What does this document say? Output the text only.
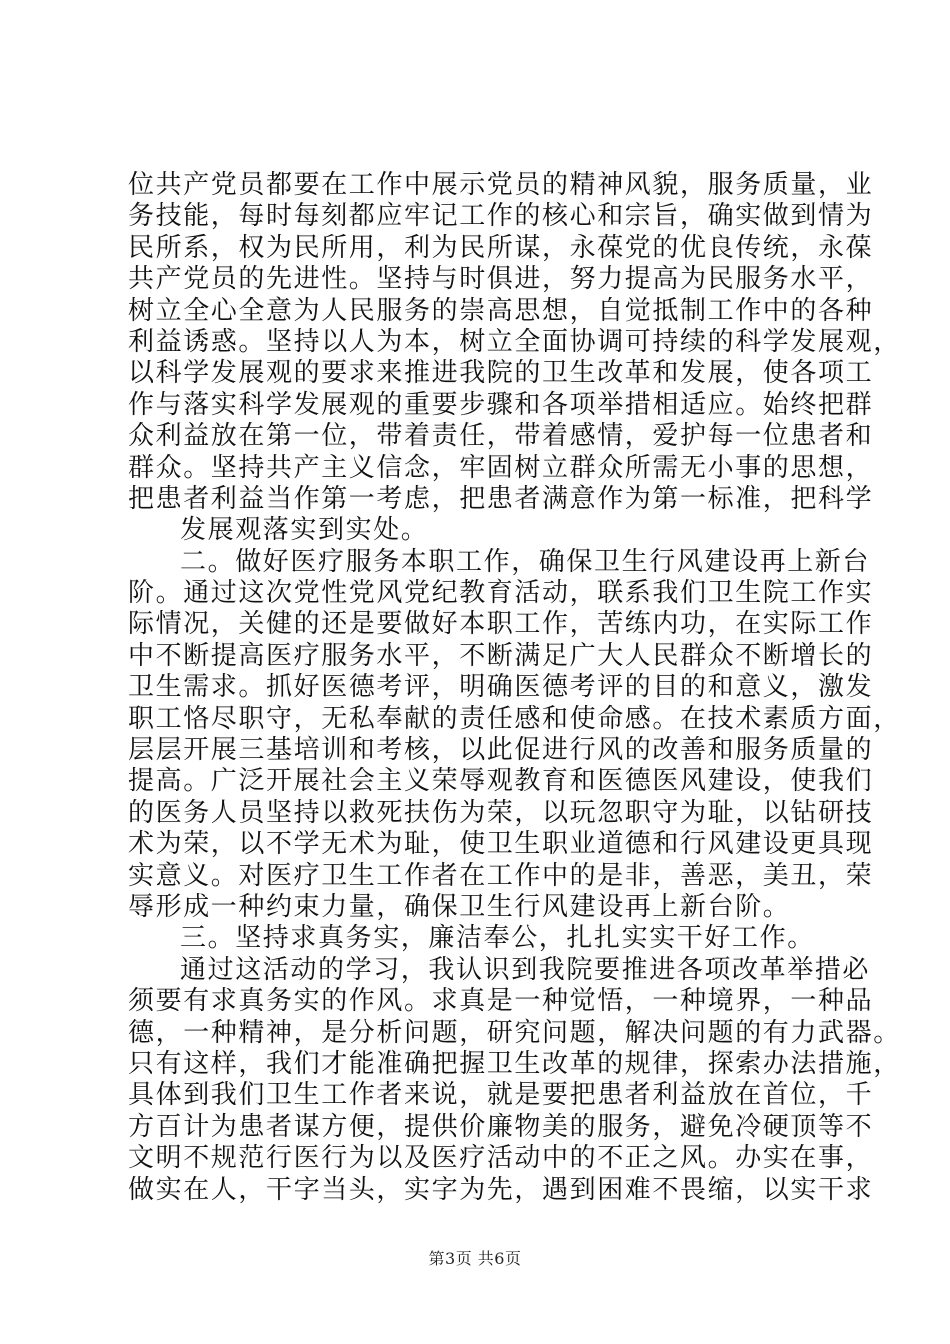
位共产党员都要在工作中展示党员的精神风貌，服务质量，业
务技能，每时每刻都应牢记工作的核心和宗旨，确实做到情为
民所系，权为民所用，利为民所谋，永葆党的优良传统，永葆
共产党员的先进性。坚持与时俱进，努力提高为民服务水平，
树立全心全意为人民服务的崇高思想，自觉抵制工作中的各种
利益诱惑。坚持以人为本，树立全面协调可持续的科学发展观，
以科学发展观的要求来推进我院的卫生改革和发展，使各项工
作与落实科学发展观的重要步骤和各项举措相适应。始终把群
众利益放在第一位，带着责任，带着感情，爱护每一位患者和
群众。坚持共产主义信念，牢固树立群众所需无小事的思想，
把患者利益当作第一考虑，把患者满意作为第一标准，把科学
发展观落实到实处。
二。做好医疗服务本职工作，确保卫生行风建设再上新台
阶。通过这次党性党风党纪教育活动，联系我们卫生院工作实
际情况，关健的还是要做好本职工作，苦练内功，在实际工作
中不断提高医疗服务水平，不断满足广大人民群众不断增长的
卫生需求。抓好医德考评，明确医德考评的目的和意义，激发
职工恪尽职守，无私奉献的责任感和使命感。在技术素质方面，
层层开展三基培训和考核，以此促进行风的改善和服务质量的
提高。广泛开展社会主义荣辱观教育和医德医风建设，使我们
的医务人员坚持以救死扶伤为荣，以玩忽职守为耻，以钻研技
术为荣，以不学无术为耻，使卫生职业道德和行风建设更具现
实意义。对医疗卫生工作者在工作中的是非，善恶，美丑，荣
辱形成一种约束力量，确保卫生行风建设再上新台阶。
三。坚持求真务实，廉洁奉公，扎扎实实干好工作。
通过这活动的学习，我认识到我院要推进各项改革举措必
须要有求真务实的作风。求真是一种觉悟，一种境界，一种品
德，一种精神，是分析问题，研究问题，解决问题的有力武器。
只有这样，我们才能准确把握卫生改革的规律，探索办法措施，
具体到我们卫生工作者来说，就是要把患者利益放在首位，千
方百计为患者谋方便，提供价廉物美的服务，避免冷硬顶等不
文明不规范行医行为以及医疗活动中的不正之风。办实在事，
做实在人，干字当头，实字为先，遇到困难不畏缩，以实干求
第3页 共6页
